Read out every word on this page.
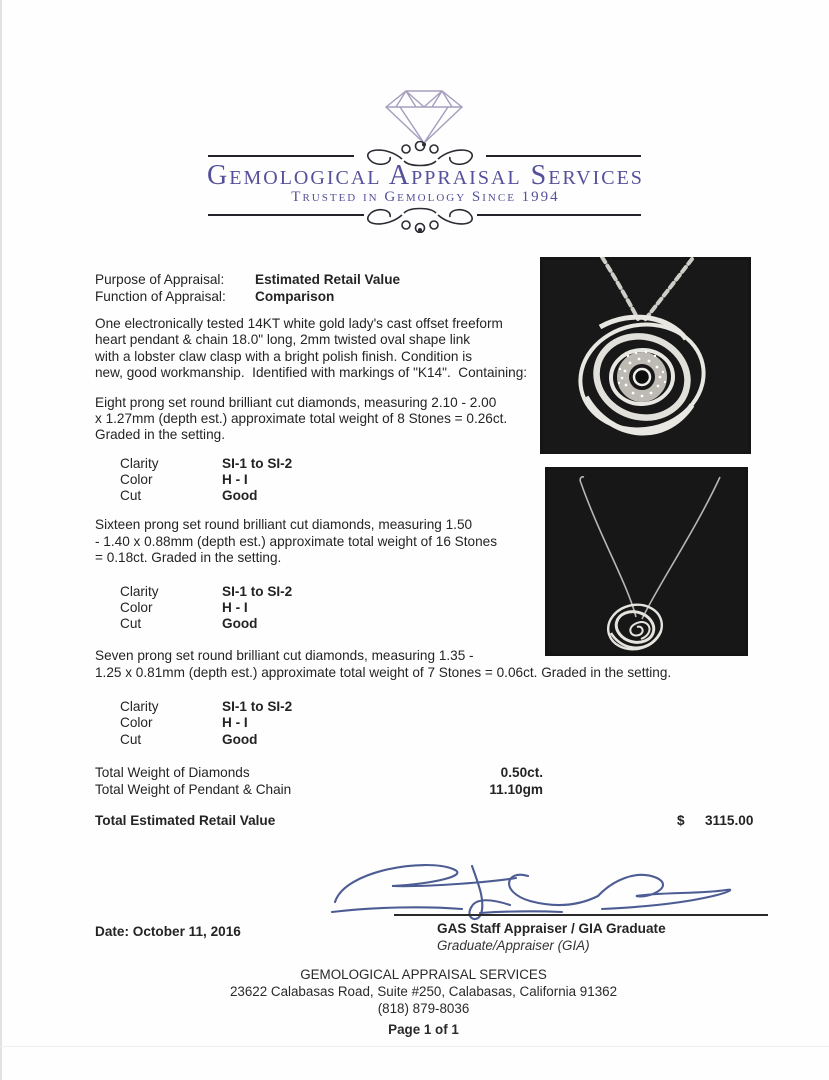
Gemological Appraisal Services
Trusted in Gemology Since 1994
Purpose of Appraisal: Estimated Retail Value
Function of Appraisal: Comparison
One electronically tested 14KT white gold lady's cast offset freeform
heart pendant & chain 18.0" long, 2mm twisted oval shape link
with a lobster claw clasp with a bright polish finish. Condition is
new, good workmanship.  Identified with markings of "K14".  Containing:
Eight prong set round brilliant cut diamonds, measuring 2.10 - 2.00
x 1.27mm (depth est.) approximate total weight of 8 Stones = 0.26ct.
Graded in the setting.
Clarity	SI-1 to SI-2
Color	H - I
Cut	Good
Sixteen prong set round brilliant cut diamonds, measuring 1.50
- 1.40 x 0.88mm (depth est.) approximate total weight of 16 Stones
= 0.18ct. Graded in the setting.
Clarity	SI-1 to SI-2
Color	H - I
Cut	Good
Seven prong set round brilliant cut diamonds, measuring 1.35 -
1.25 x 0.81mm (depth est.) approximate total weight of 7 Stones = 0.06ct. Graded in the setting.
Clarity	SI-1 to SI-2
Color	H - I
Cut	Good
Total Weight of Diamonds	0.50ct.
Total Weight of Pendant & Chain	11.10gm
Total Estimated Retail Value	$ 3115.00
GAS Staff Appraiser / GIA Graduate
Graduate/Appraiser (GIA)
Date: October 11, 2016
GEMOLOGICAL APPRAISAL SERVICES
23622 Calabasas Road, Suite #250, Calabasas, California 91362
(818) 879-8036
Page 1 of 1
